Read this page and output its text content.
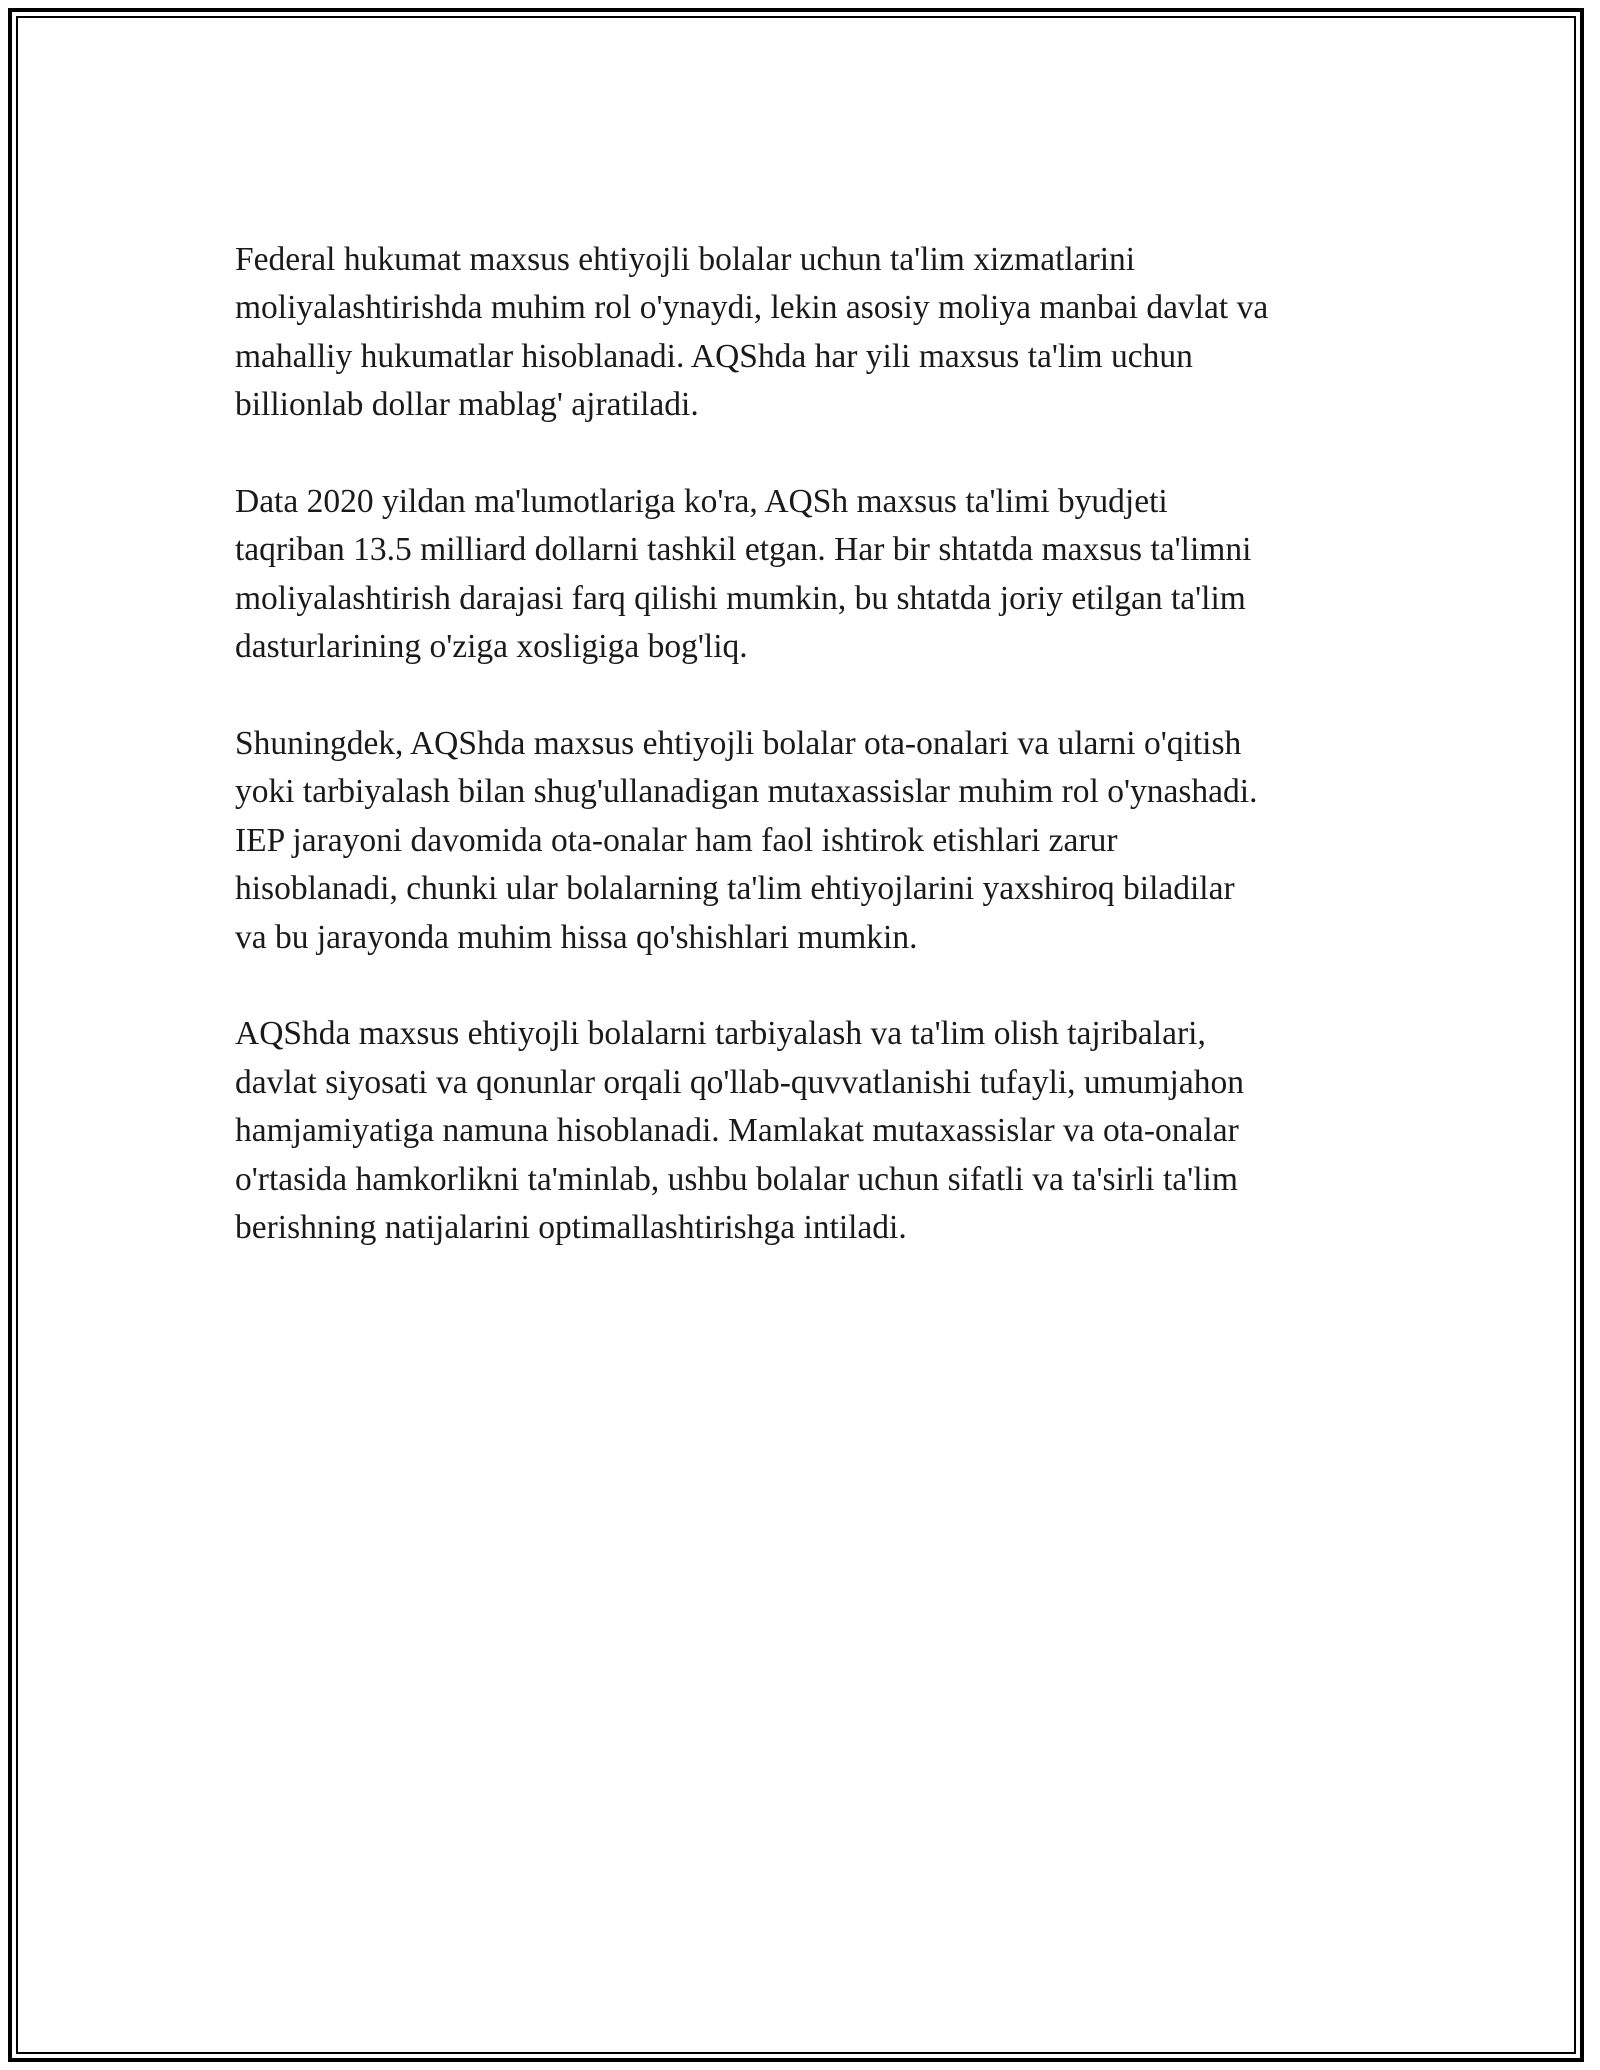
Federal hukumat maxsus ehtiyojli bolalar uchun ta'lim xizmatlarini
moliyalashtirishda muhim rol o'ynaydi, lekin asosiy moliya manbai davlat va
mahalliy hukumatlar hisoblanadi. AQShda har yili maxsus ta'lim uchun
billionlab dollar mablag' ajratiladi.

Data 2020 yildan ma'lumotlariga ko'ra, AQSh maxsus ta'limi byudjeti
taqriban 13.5 milliard dollarni tashkil etgan. Har bir shtatda maxsus ta'limni
moliyalashtirish darajasi farq qilishi mumkin, bu shtatda joriy etilgan ta'lim
dasturlarining o'ziga xosligiga bog'liq.

Shuningdek, AQShda maxsus ehtiyojli bolalar ota-onalari va ularni o'qitish
yoki tarbiyalash bilan shug'ullanadigan mutaxassislar muhim rol o'ynashadi.
IEP jarayoni davomida ota-onalar ham faol ishtirok etishlari zarur
hisoblanadi, chunki ular bolalarning ta'lim ehtiyojlarini yaxshiroq biladilar
va bu jarayonda muhim hissa qo'shishlari mumkin.

AQShda maxsus ehtiyojli bolalarni tarbiyalash va ta'lim olish tajribalari,
davlat siyosati va qonunlar orqali qo'llab-quvvatlanishi tufayli, umumjahon
hamjamiyatiga namuna hisoblanadi. Mamlakat mutaxassislar va ota-onalar
o'rtasida hamkorlikni ta'minlab, ushbu bolalar uchun sifatli va ta'sirli ta'lim
berishning natijalarini optimallashtirishga intiladi.
